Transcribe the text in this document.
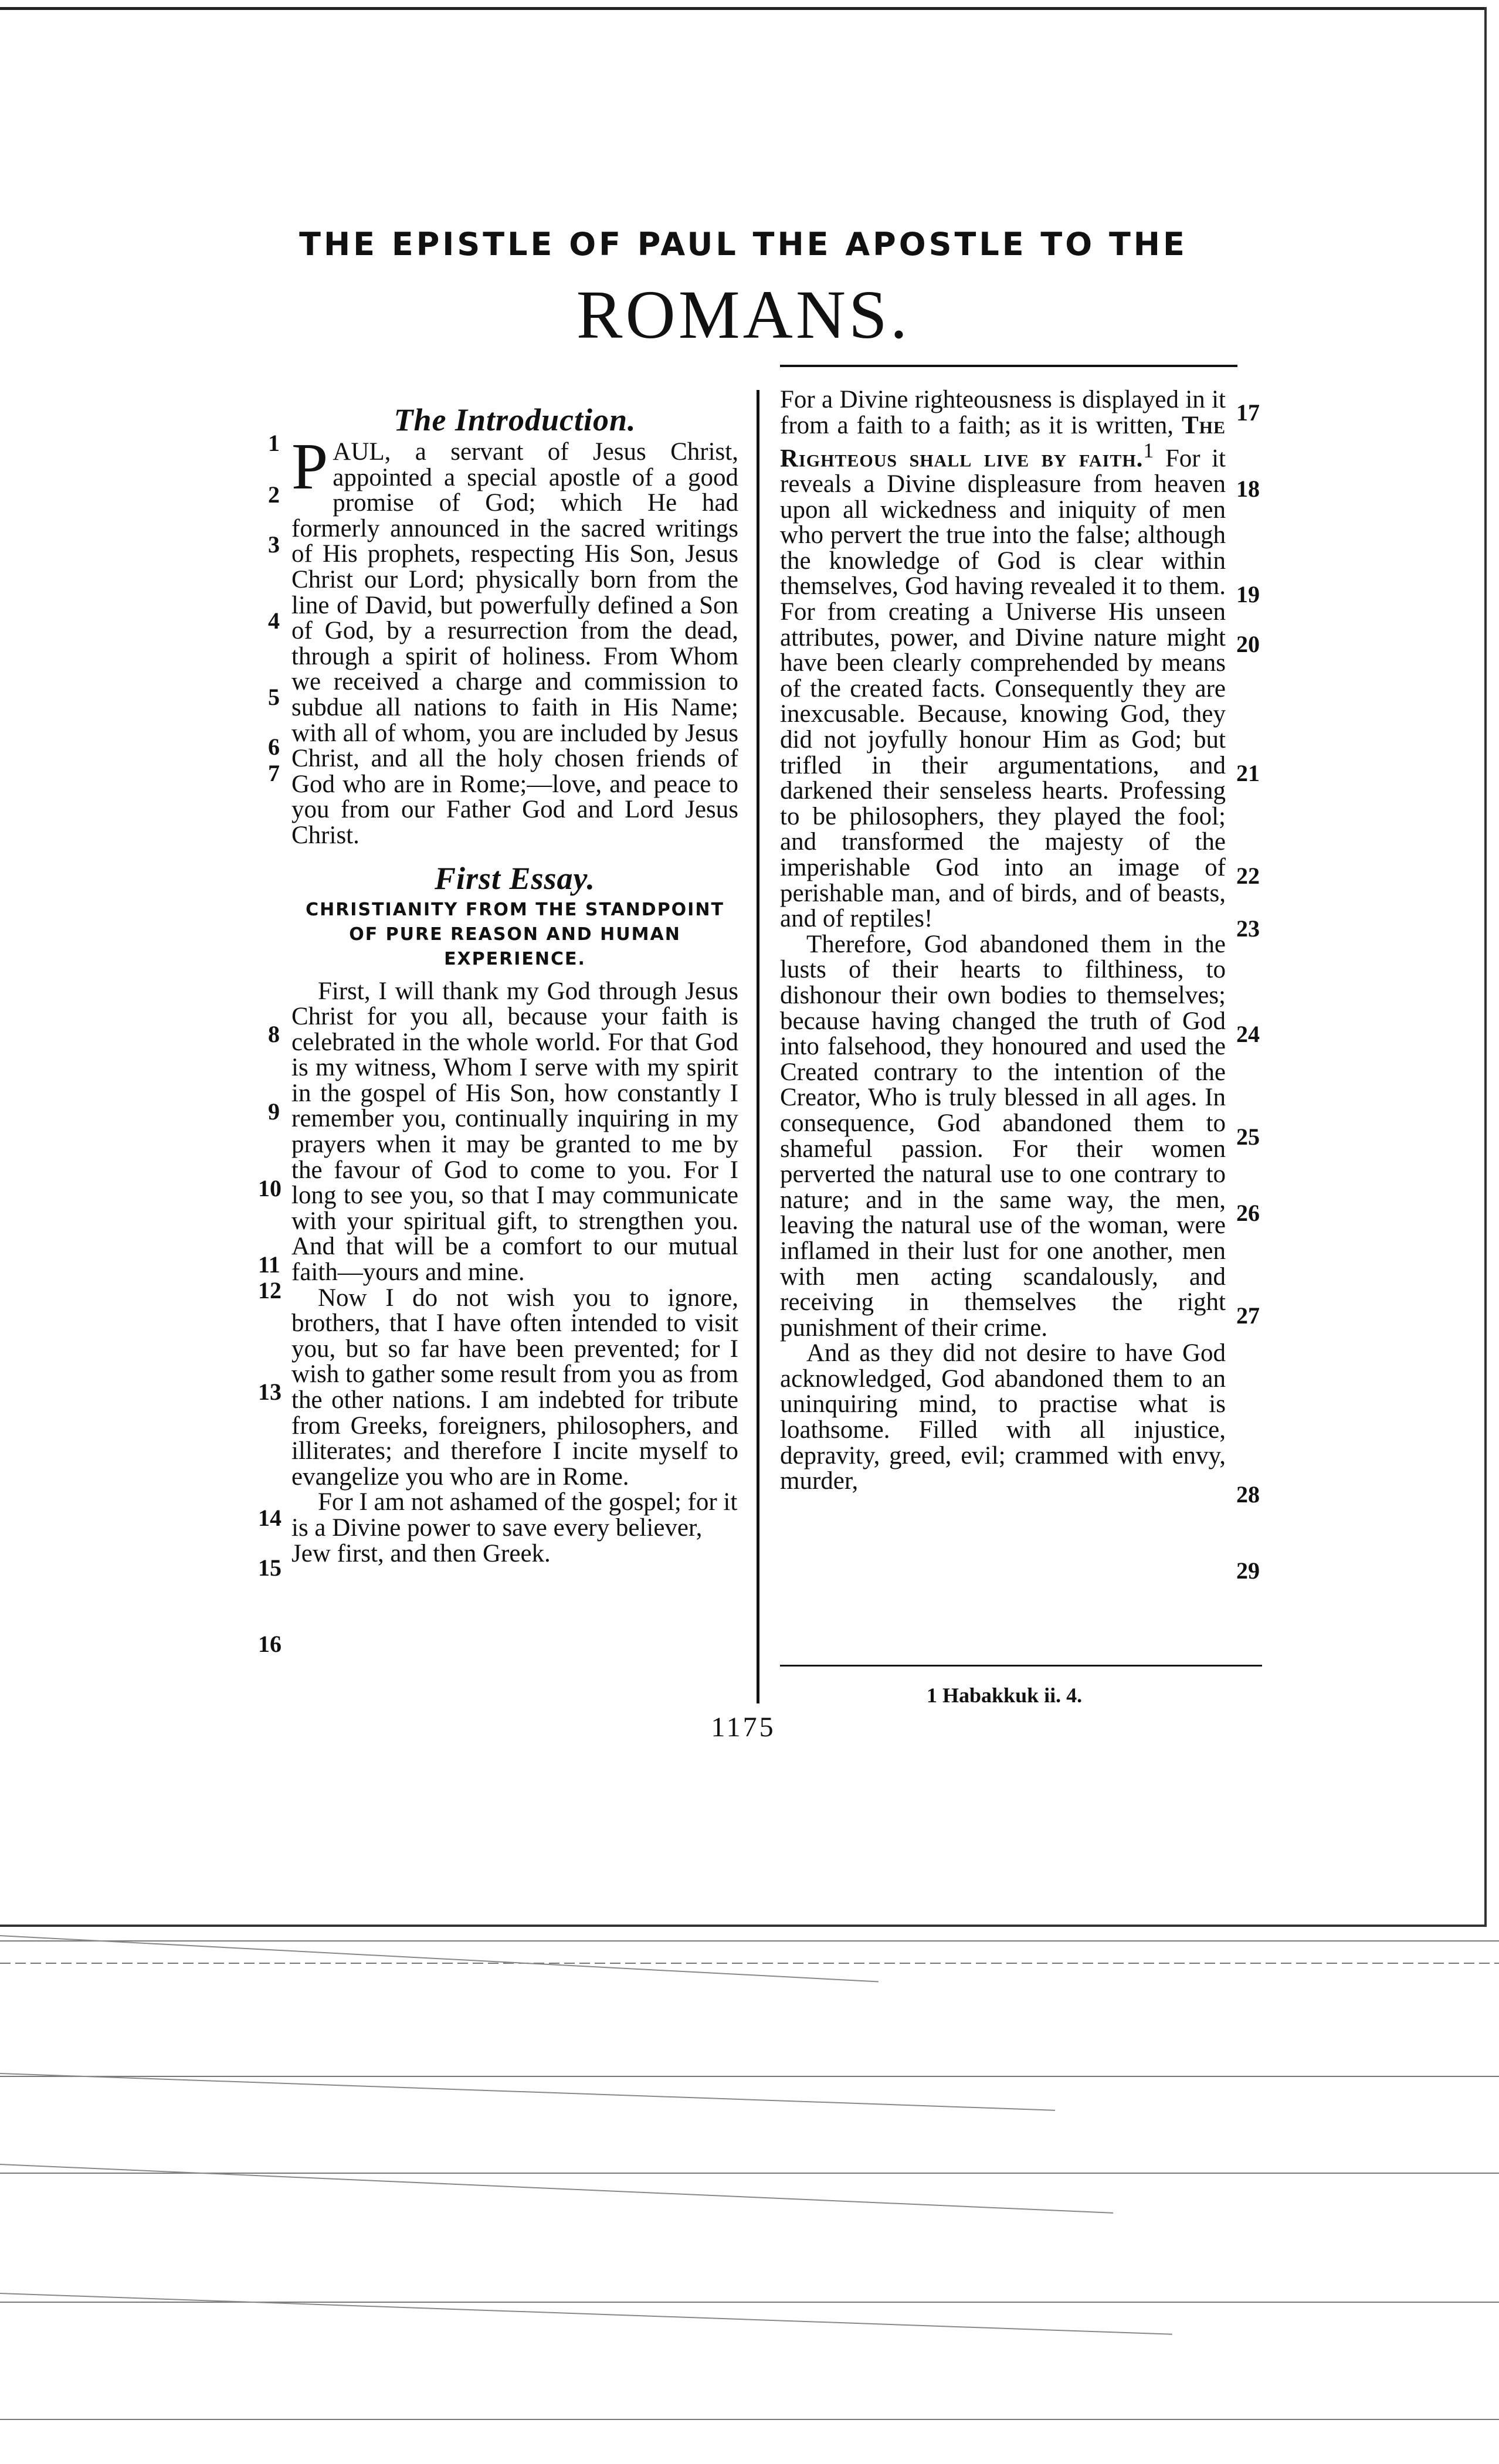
THE EPISTLE OF PAUL THE APOSTLE TO THE
ROMANS.
The Introduction.
PAUL, a servant of Jesus Christ, appointed a special apostle of a good promise of God; which He had formerly announced in the sacred writings of His prophets, respecting His Son, Jesus Christ our Lord; physically born from the line of David, but powerfully defined a Son of God, by a resurrection from the dead, through a spirit of holiness. From Whom we received a charge and commission to subdue all nations to faith in His Name; with all of whom, you are included by Jesus Christ, and all the holy chosen friends of God who are in Rome;—love, and peace to you from our Father God and Lord Jesus Christ.
First Essay.
CHRISTIANITY FROM THE STANDPOINT OF PURE REASON AND HUMAN EXPERIENCE.
First, I will thank my God through Jesus Christ for you all, because your faith is celebrated in the whole world. For that God is my witness, Whom I serve with my spirit in the gospel of His Son, how constantly I remember you, continually inquiring in my prayers when it may be granted to me by the favour of God to come to you. For I long to see you, so that I may communicate with your spiritual gift, to strengthen you. And that will be a comfort to our mutual faith—yours and mine.
Now I do not wish you to ignore, brothers, that I have often intended to visit you, but so far have been prevented; for I wish to gather some result from you as from the other nations. I am indebted for tribute from Greeks, foreigners, philosophers, and illiterates; and therefore I incite myself to evangelize you who are in Rome.
For I am not ashamed of the gospel; for it is a Divine power to save every believer, Jew first, and then Greek.
For a Divine righteousness is displayed in it from a faith to a faith; as it is written, The Righteous shall live by faith.$^1$ For it reveals a Divine displeasure from heaven upon all wickedness and iniquity of men who pervert the true into the false; although the knowledge of God is clear within themselves, God having revealed it to them. For from creating a Universe His unseen attributes, power, and Divine nature might have been clearly comprehended by means of the created facts. Consequently they are inexcusable. Because, knowing God, they did not joyfully honour Him as God; but trifled in their argumentations, and darkened their senseless hearts. Professing to be philosophers, they played the fool; and transformed the majesty of the imperishable God into an image of perishable man, and of birds, and of beasts, and of reptiles!
Therefore, God abandoned them in the lusts of their hearts to filthiness, to dishonour their own bodies to themselves; because having changed the truth of God into falsehood, they honoured and used the Created contrary to the intention of the Creator, Who is truly blessed in all ages. In consequence, God abandoned them to shameful passion. For their women perverted the natural use to one contrary to nature; and in the same way, the men, leaving the natural use of the woman, were inflamed in their lust for one another, men with men acting scandalously, and receiving in themselves the right punishment of their crime.
And as they did not desire to have God acknowledged, God abandoned them to an uninquiring mind, to practise what is loathsome. Filled with all injustice, depravity, greed, evil; crammed with envy, murder,
1
2
3
4
5
6
7
8
9
10
11
12
13
14
15
16
17
18
19
20
21
22
23
24
25
26
27
28
29
1 Habakkuk ii. 4.
1175
